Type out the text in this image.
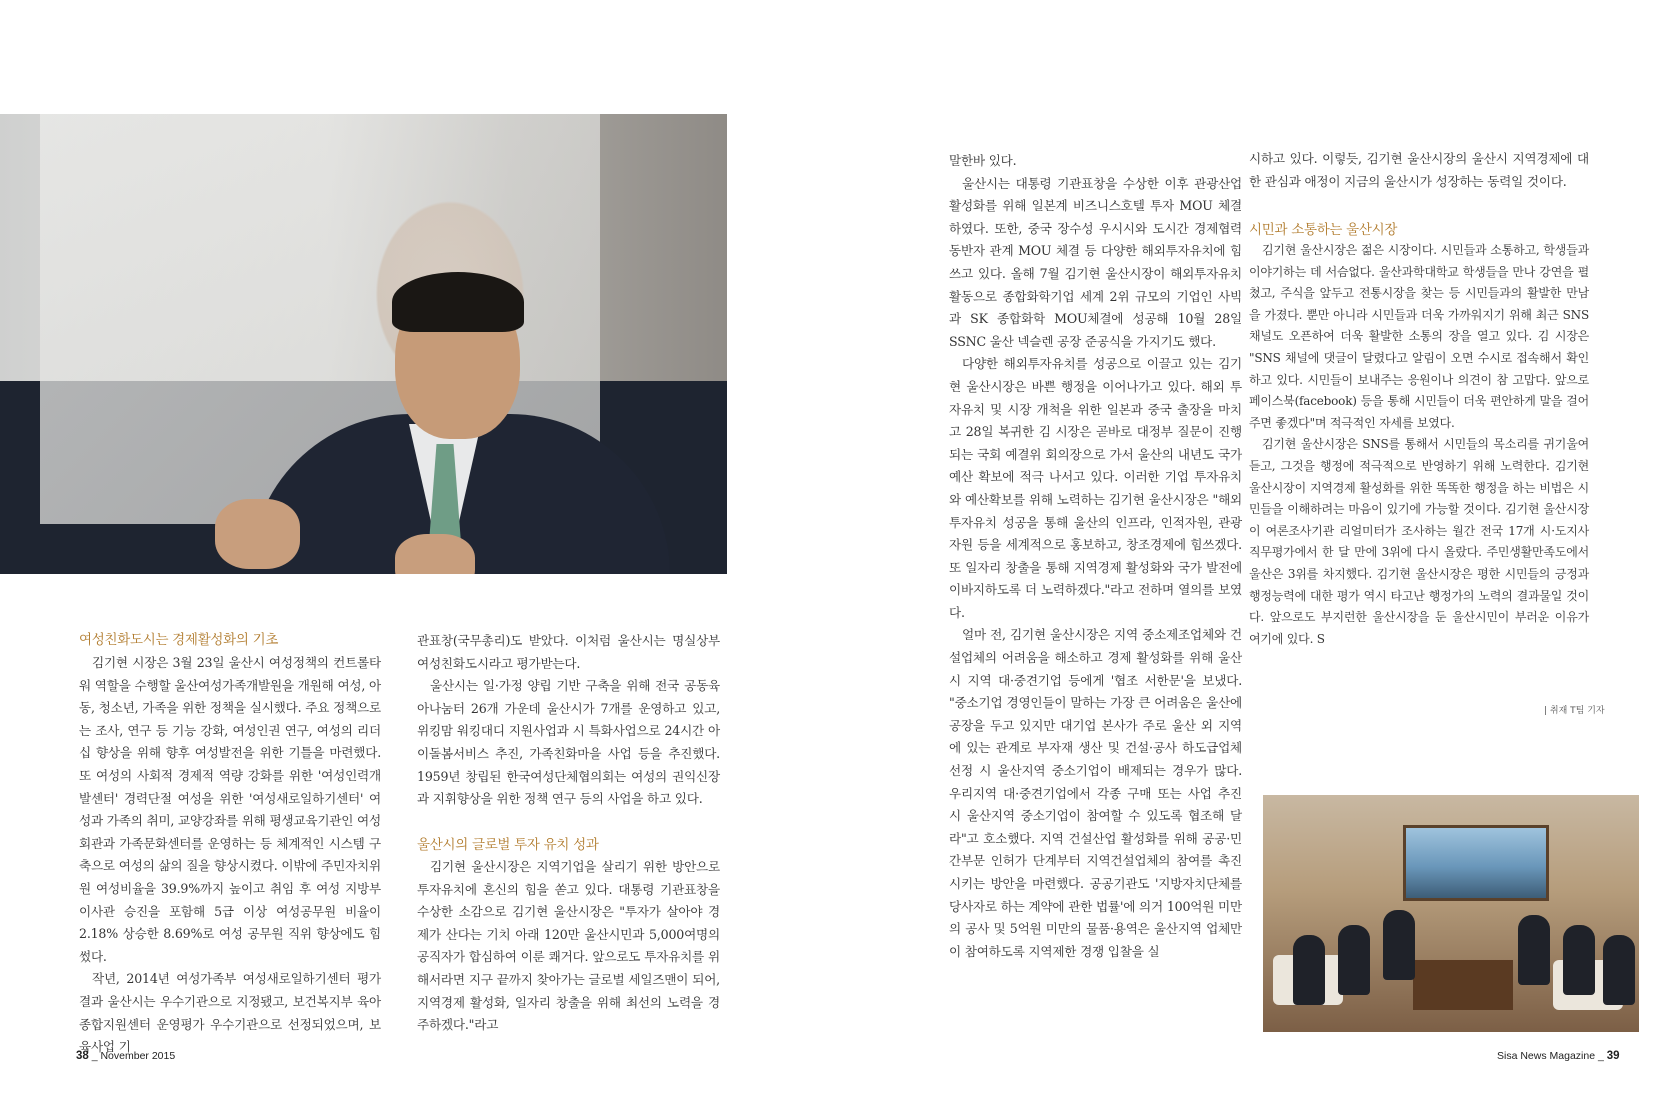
여성친화도시는 경제활성화의 기초

김기현 시장은 3월 23일 울산시 여성정책의 컨트롤타워 역할을 수행할 울산여성가족개발원을 개원해 여성, 아동, 청소년, 가족을 위한 정책을 실시했다. 주요 정책으로는 조사, 연구 등 기능 강화, 여성인권 연구, 여성의 리더십 향상을 위해 향후 여성발전을 위한 기틀을 마련했다. 또 여성의 사회적 경제적 역량 강화를 위한 '여성인력개발센터' 경력단절 여성을 위한 '여성새로일하기센터' 여성과 가족의 취미, 교양강좌를 위해 평생교육기관인 여성회관과 가족문화센터를 운영하는 등 체계적인 시스템 구축으로 여성의 삶의 질을 향상시켰다. 이밖에 주민자치위원 여성비율을 39.9%까지 높이고 취임 후 여성 지방부이사관 승진을 포함해 5급 이상 여성공무원 비율이 2.18% 상승한 8.69%로 여성 공무원 직위 향상에도 힘썼다.

작년, 2014년 여성가족부 여성새로일하기센터 평가결과 울산시는 우수기관으로 지정됐고, 보건복지부 육아종합지원센터 운영평가 우수기관으로 선정되었으며, 보육사업 기

관표창(국무총리)도 받았다. 이처럼 울산시는 명실상부 여성친화도시라고 평가받는다.

울산시는 일·가정 양립 기반 구축을 위해 전국 공동육아나눔터 26개 가운데 울산시가 7개를 운영하고 있고, 위킹맘 워킹대디 지원사업과 시 특화사업으로 24시간 아이돌봄서비스 추진, 가족친화마을 사업 등을 추진했다. 1959년 창립된 한국여성단체협의회는 여성의 권익신장과 지휘향상을 위한 정책 연구 등의 사업을 하고 있다.

울산시의 글로벌 투자 유치 성과

김기현 울산시장은 지역기업을 살리기 위한 방안으로 투자유치에 혼신의 힘을 쏟고 있다. 대통령 기관표창을 수상한 소감으로 김기현 울산시장은 "투자가 살아야 경제가 산다는 기치 아래 120만 울산시민과 5,000여명의 공직자가 합심하여 이룬 쾌거다. 앞으로도 투자유치를 위해서라면 지구 끝까지 찾아가는 글로벌 세일즈맨이 되어, 지역경제 활성화, 일자리 창출을 위해 최선의 노력을 경주하겠다."라고

38 _ November 2015

말한바 있다.

울산시는 대통령 기관표창을 수상한 이후 관광산업 활성화를 위해 일본계 비즈니스호텔 투자 MOU 체결하였다. 또한, 중국 장수성 우시시와 도시간 경제협력 동반자 관계 MOU 체결 등 다양한 해외투자유치에 힘쓰고 있다. 올해 7월 김기현 울산시장이 해외투자유치 활동으로 종합화학기업 세계 2위 규모의 기업인 사빅과 SK 종합화학 MOU체결에 성공해 10월 28일 SSNC 울산 넥슬렌 공장 준공식을 가지기도 했다.

다양한 해외투자유치를 성공으로 이끌고 있는 김기현 울산시장은 바쁜 행정을 이어나가고 있다. 해외 투자유치 및 시장 개척을 위한 일본과 중국 출장을 마치고 28일 복귀한 김 시장은 곧바로 대정부 질문이 진행되는 국회 예결위 회의장으로 가서 울산의 내년도 국가예산 확보에 적극 나서고 있다. 이러한 기업 투자유치와 예산확보를 위해 노력하는 김기현 울산시장은 "해외투자유치 성공을 통해 울산의 인프라, 인적자원, 관광자원 등을 세계적으로 홍보하고, 창조경제에 힘쓰겠다. 또 일자리 창출을 통해 지역경제 활성화와 국가 발전에 이바지하도록 더 노력하겠다."라고 전하며 열의를 보였다.

얼마 전, 김기현 울산시장은 지역 중소제조업체와 건설업체의 어려움을 해소하고 경제 활성화를 위해 울산시 지역 대·중견기업 등에게 '협조 서한문'을 보냈다. "중소기업 경영인들이 말하는 가장 큰 어려움은 울산에 공장을 두고 있지만 대기업 본사가 주로 울산 외 지역에 있는 관계로 부자재 생산 및 건설·공사 하도급업체 선정 시 울산지역 중소기업이 배제되는 경우가 많다. 우리지역 대·중견기업에서 각종 구매 또는 사업 추진 시 울산지역 중소기업이 참여할 수 있도록 협조해 달라"고 호소했다. 지역 건설산업 활성화를 위해 공공·민간부문 인허가 단계부터 지역건설업체의 참여를 촉진시키는 방안을 마련했다. 공공기관도 '지방자치단체를 당사자로 하는 계약에 관한 법률'에 의거 100억원 미만의 공사 및 5억원 미만의 물품·용역은 울산지역 업체만이 참여하도록 지역제한 경쟁 입찰을 실

시하고 있다. 이렇듯, 김기현 울산시장의 울산시 지역경제에 대한 관심과 애정이 지금의 울산시가 성장하는 동력일 것이다.

시민과 소통하는 울산시장

김기현 울산시장은 젊은 시장이다. 시민들과 소통하고, 학생들과 이야기하는 데 서슴없다. 울산과학대학교 학생들을 만나 강연을 펼쳤고, 주식을 앞두고 전통시장을 찾는 등 시민들과의 활발한 만남을 가졌다. 뿐만 아니라 시민들과 더욱 가까워지기 위해 최근 SNS 채널도 오픈하여 더욱 활발한 소통의 장을 열고 있다. 김 시장은 "SNS 채널에 댓글이 달렸다고 알림이 오면 수시로 접속해서 확인하고 있다. 시민들이 보내주는 응원이나 의견이 참 고맙다. 앞으로 페이스북(facebook) 등을 통해 시민들이 더욱 편안하게 말을 걸어주면 좋겠다"며 적극적인 자세를 보였다.

김기현 울산시장은 SNS를 통해서 시민들의 목소리를 귀기울여 듣고, 그것을 행정에 적극적으로 반영하기 위해 노력한다. 김기현 울산시장이 지역경제 활성화를 위한 똑똑한 행정을 하는 비법은 시민들을 이해하려는 마음이 있기에 가능할 것이다. 김기현 울산시장이 여론조사기관 리얼미터가 조사하는 월간 전국 17개 시·도지사 직무평가에서 한 달 만에 3위에 다시 올랐다. 주민생활만족도에서 울산은 3위를 차지했다. 김기현 울산시장은 평한 시민들의 긍정과 행정능력에 대한 평가 역시 타고난 행정가의 노력의 결과물일 것이다. 앞으로도 부지런한 울산시장을 둔 울산시민이 부러운 이유가 여기에 있다. S

| 취재 T팀 기자
Sisa News Magazine _ 39
